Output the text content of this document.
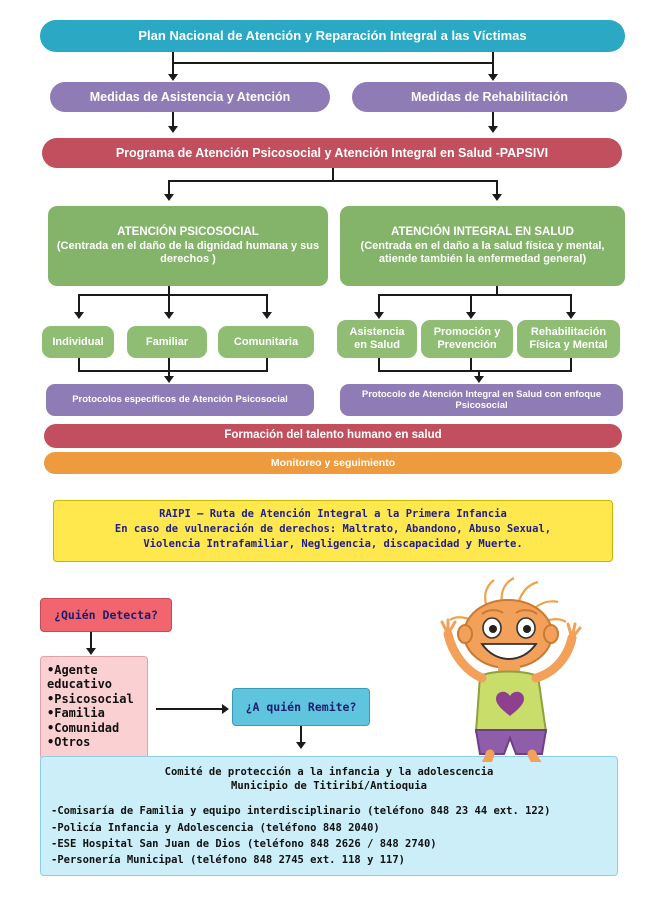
Plan Nacional de Atención y Reparación Integral a las Víctimas
Medidas de Asistencia y Atención	Medidas de Rehabilitación
Programa de Atención Psicosocial y Atención Integral en Salud -PAPSIVI
ATENCIÓN PSICOSOCIAL
(Centrada en el daño de la dignidad humana y sus derechos )
ATENCIÓN INTEGRAL EN SALUD
(Centrada en el daño a la salud física y mental, atiende también la enfermedad general)
Individual	Familiar	Comunitaria
Asistencia en Salud
Promoción y Prevención
Rehabilitación Física y Mental
Protocolos específicos de Atención Psicosocial
Protocolo de Atención Integral en Salud con enfoque Psicosocial
Formación del talento humano en salud
Monitoreo y seguimiento
RAIPI – Ruta de Atención Integral a la Primera Infancia
En caso de vulneración de derechos: Maltrato, Abandono, Abuso Sexual,
Violencia Intrafamiliar, Negligencia, discapacidad y Muerte.
¿Quién Detecta?
•Agente
educativo
•Psicosocial
•Familia
•Comunidad
•Otros
¿A quién Remite?
Comité de protección a la infancia y la adolescencia
Municipio de Titiribí/Antioquia
-Comisaría de Familia y equipo interdisciplinario (teléfono 848 23 44 ext. 122)
-Policía Infancia y Adolescencia (teléfono 848 2040)
-ESE Hospital San Juan de Dios (teléfono 848 2626 / 848 2740)
-Personería Municipal (teléfono 848 2745 ext. 118 y 117)
